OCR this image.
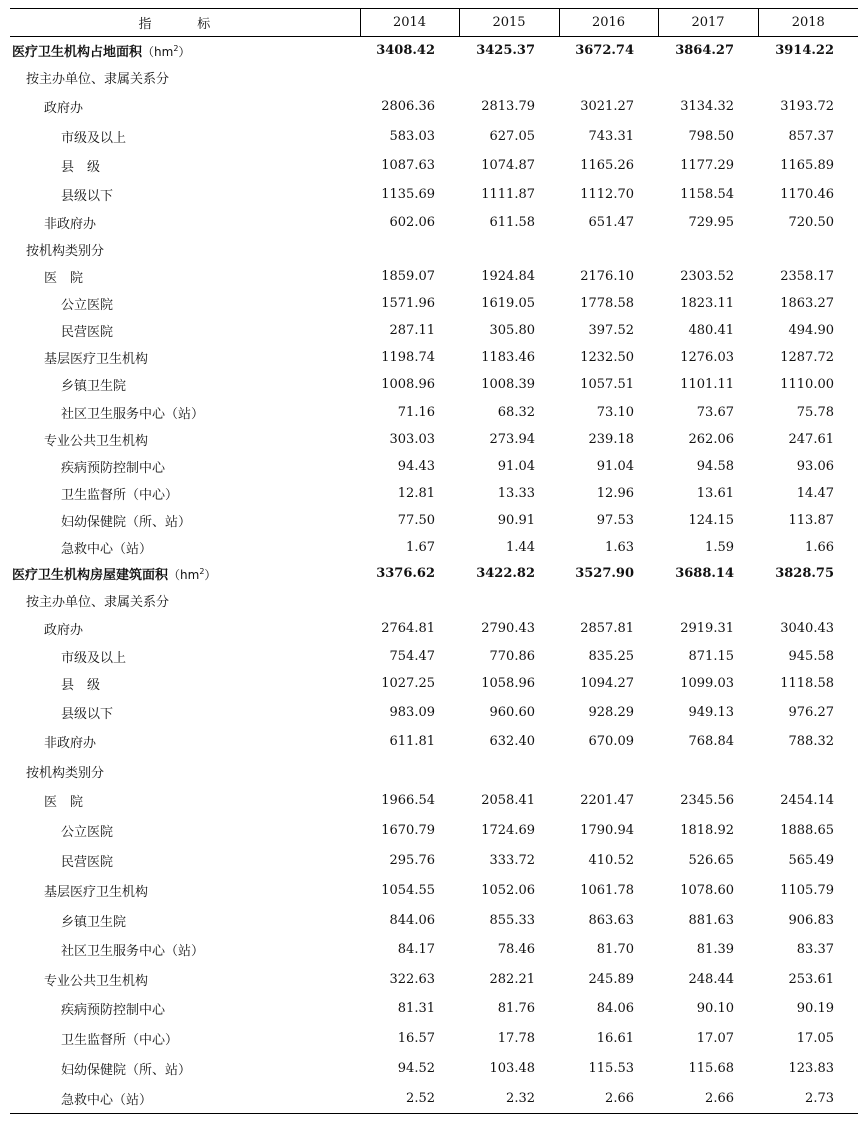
指 标	2014	2015	2016	2017	2018
医疗卫生机构占地面积$(hm^2)$	3408.42	3425.37	3672.74	3864.27	3914.22
按主办单位、隶属关系分					
政府办	2806.36	2813.79	3021.27	3134.32	3193.72
市级及以上	583.03	627.05	743.31	798.50	857.37
县　级	1087.63	1074.87	1165.26	1177.29	1165.89
县级以下	1135.69	1111.87	1112.70	1158.54	1170.46
非政府办	602.06	611.58	651.47	729.95	720.50
按机构类别分					
医　院	1859.07	1924.84	2176.10	2303.52	2358.17
公立医院	1571.96	1619.05	1778.58	1823.11	1863.27
民营医院	287.11	305.80	397.52	480.41	494.90
基层医疗卫生机构	1198.74	1183.46	1232.50	1276.03	1287.72
乡镇卫生院	1008.96	1008.39	1057.51	1101.11	1110.00
社区卫生服务中心（站）	71.16	68.32	73.10	73.67	75.78
专业公共卫生机构	303.03	273.94	239.18	262.06	247.61
疾病预防控制中心	94.43	91.04	91.04	94.58	93.06
卫生监督所（中心）	12.81	13.33	12.96	13.61	14.47
妇幼保健院（所、站）	77.50	90.91	97.53	124.15	113.87
急救中心（站）	1.67	1.44	1.63	1.59	1.66
医疗卫生机构房屋建筑面积$(hm^2)$	3376.62	3422.82	3527.90	3688.14	3828.75
按主办单位、隶属关系分					
政府办	2764.81	2790.43	2857.81	2919.31	3040.43
市级及以上	754.47	770.86	835.25	871.15	945.58
县　级	1027.25	1058.96	1094.27	1099.03	1118.58
县级以下	983.09	960.60	928.29	949.13	976.27
非政府办	611.81	632.40	670.09	768.84	788.32
按机构类别分					
医　院	1966.54	2058.41	2201.47	2345.56	2454.14
公立医院	1670.79	1724.69	1790.94	1818.92	1888.65
民营医院	295.76	333.72	410.52	526.65	565.49
基层医疗卫生机构	1054.55	1052.06	1061.78	1078.60	1105.79
乡镇卫生院	844.06	855.33	863.63	881.63	906.83
社区卫生服务中心（站）	84.17	78.46	81.70	81.39	83.37
专业公共卫生机构	322.63	282.21	245.89	248.44	253.61
疾病预防控制中心	81.31	81.76	84.06	90.10	90.19
卫生监督所（中心）	16.57	17.78	16.61	17.07	17.05
妇幼保健院（所、站）	94.52	103.48	115.53	115.68	123.83
急救中心（站）	2.52	2.32	2.66	2.66	2.73
